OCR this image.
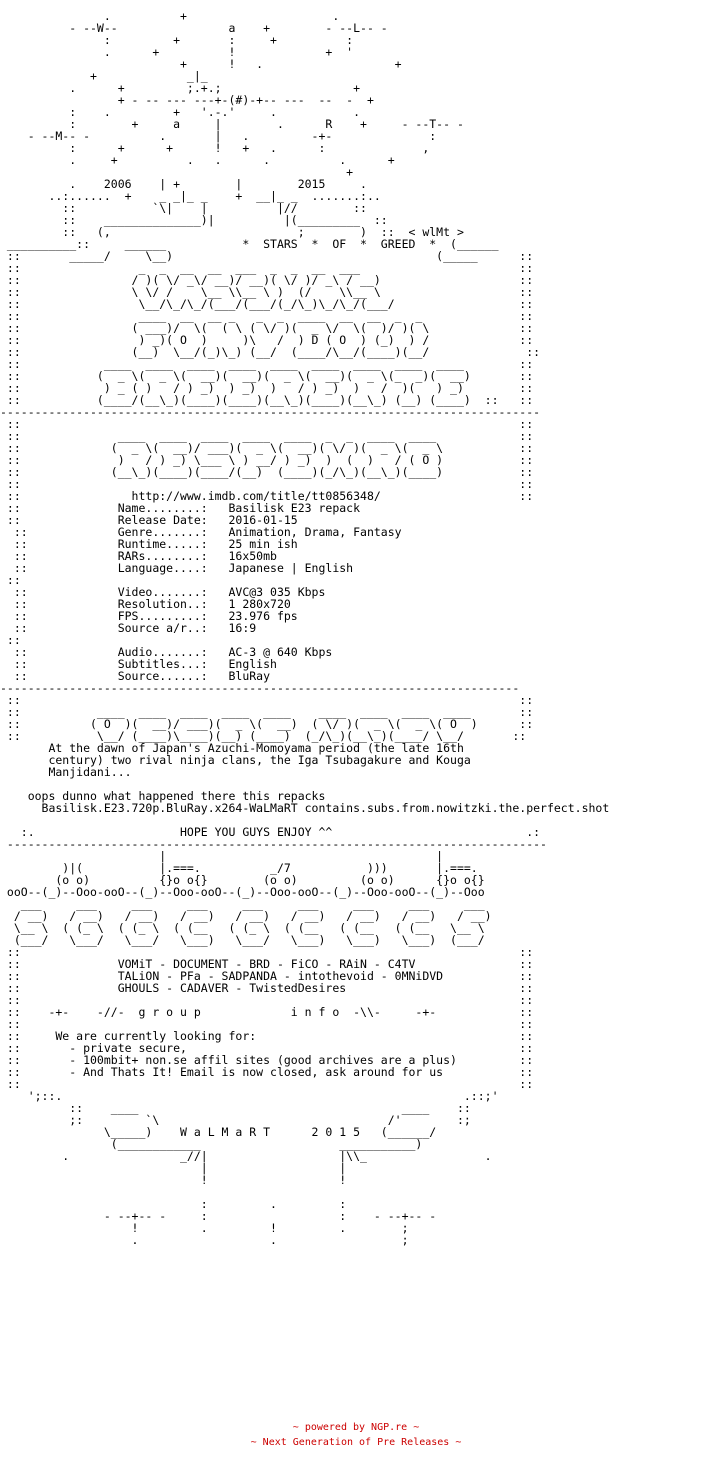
.          +                     .
- --W--                a    +        - --L-- -
:         +       :     +          :
.      +          !             +  '
+      !   .                   +
+             _|_
.      +         ;.+.;                   +
+ - -- --- ---+-(#)-+-- ---  --  -  +
:    .         +   '.-.'     .           .
:        +     a     |        .      R    +     - --T-- -
- --M-- -          .       |   .         -+-              :
:      +      +      !   +   .      :              ,
.     +          .   .      .          .      +
+
.    2006    | +        |        2015     .
..:......  +    _ _|_ _    +  __|_ _  .......:..
::           `\|    |          |//        ::
::    ______________)|          |(_________  ::
::   (,                           ;        )  ::  < wlMt >
__________::     ______           *  STARS  *  OF  *  GREED  *  (______
::       _____/     \__)                                      (_____      ::
::                 _  _  __  __  ___  _  _  __  ___                       ::
::                / )( \/ _\/ __)/ __)( \/ )/ _\ / __)                    ::
::                \ \/ /    \__ \\__ \ )  (/    \\__ \                    ::
::                 \__/\_/\_/(___/(___/(_/\_)\_/\_/(___/                  ::
::                 ____  __  __ _   _  _  ____  __  __  _  _              ::
::                ( ___)/  \(  ( \ ( \/ )(  _ \/  \(  )/ )( \             ::
::                 ) _)( O  )     )\   /  ) D ( O  ) (_)  ) /             ::
::                (__)  \__/(_)\_) (__/  (____/\__/(____)(__/              ::
::            ____  ____  ____  ____  ____  ____  ____  ____  ____        ::
::           (  _ \(  _ \(  __)(  __)(  _ \(  __)(  _ \(_  _)(  __)       ::
::            ) _ ( )   / ) _)  ) _)  )   / ) _)  )   /  )(   ) _)        ::
::           (____/(__\_)(____)(____)(__\_)(____)(__\_) (__) (____)  ::   ::
------------------------------------------------------------------------------
::                                                                        ::
::              ____  ____  ____  ____  ____  _  _  ____  ____            ::
::             (  _ \(  __)/ ___)(  _ \(  __)( \/ )(  _ \(  _ \           ::
::              )   / ) _) \___ \ ) __/ ) _)  )  (  )   / ( O )           ::
::             (__\_)(____)(____/(__)  (____)(_/\_)(__\_)(____)           ::
::                                                                        ::
::                http://www.imdb.com/title/tt0856348/                    ::
::              Name........:   Basilisk E23 repack
::              Release Date:   2016-01-15
::             Genre.......:   Animation, Drama, Fantasy
::             Runtime.....:   25 min ish
::             RARs........:   16x50mb
::             Language....:   Japanese | English
::
::             Video.......:   AVC@3 035 Kbps
::             Resolution..:   1 280x720
::             FPS.........:   23.976 fps
::             Source a/r..:   16:9
::
::             Audio.......:   AC-3 @ 640 Kbps
::             Subtitles...:   English
::             Source......:   BluRay
---------------------------------------------------------------------------
::                                                                        ::
::           ____  ____  ____  ____  ____    ____  ____  ____  ____       ::
::          ( O  )(  __)/ ___)(  _ \(  __)  ( \/ )(  _ \(  _ \( O  )      ::
::           \__/ (____)\____)(__) (____)  (_/\_)(__\_)(____/ \__/       ::
At the dawn of Japan's Azuchi-Momoyama period (the late 16th
century) two rival ninja clans, the Iga Tsubagakure and Kouga
Manjidani...

oops dunno what happened there this repacks
Basilisk.E23.720p.BluRay.x264-WaLMaRT contains.subs.from.nowitzki.the.perfect.shot

:.                     HOPE YOU GUYS ENJOY ^^                            .:
------------------------------------------------------------------------------
|                                       |
)|(           |.===.          _/7           )))       |.===.
(o o)          {}o o{}        (o o)         (o o)      {}o o{}
ooO--(_)--Ooo-ooO--(_)--Ooo-ooO--(_)--Ooo-ooO--(_)--Ooo-ooO--(_)--Ooo
___     ___     ___     ___     ___     ___     ___     ___     ___
/ __)   / __)   / __)   / __)   / __)   / __)   / __)   / __)   / __)
\__ \  ( (_ \  ( (_ \  ( (__   ( (_ \  ( (__   ( (__   ( (__   \__ \
(___/   \___/   \___/   \___)   \___/   \___)   \___)   \___)  (___/
::                                                                        ::
::              VOMiT - DOCUMENT - BRD - FiCO - RAiN - C4TV               ::
::              TALiON - PFa - SADPANDA - intothevoid - 0MNiDVD           ::
::              GHOULS - CADAVER - TwistedDesires                         ::
::                                                                        ::
::    -+-    -//-  g r o u p             i n f o  -\\-     -+-            ::
::                                                                        ::
::     We are currently looking for:                                      ::
::       - private secure,                                                ::
::       - 100mbit+ non.se affil sites (good archives are a plus)         ::
::       - And Thats It! Email is now closed, ask around for us           ::
::                                                                        ::
';::.                                                          .::;'
::    ____                                      ____    ::
;:         `\                                 /'        :;
\_____)    W a L M a R T      2 0 1 5   (______/
(____________                    ___________)
.                _//|                   |\\_                 .
|                   |
!                   !

:         .         :
- --+-- -     :                   :    - --+-- -
!         .         !         .        ;
.                   .                  ;

~ powered by NGP.re ~
~ Next Generation of Pre Releases ~
